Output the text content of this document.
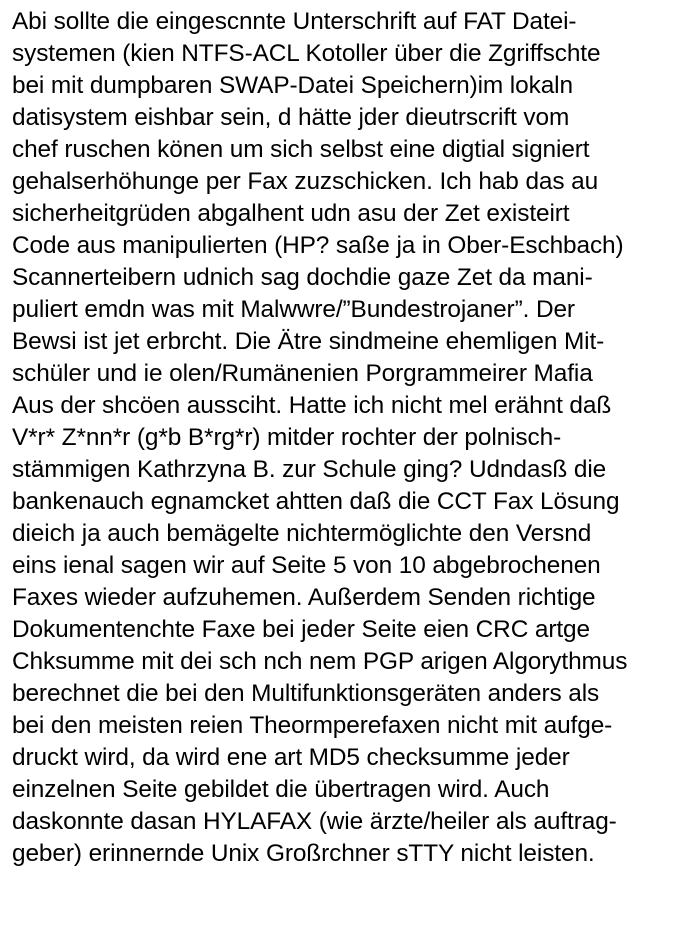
Abi sollte die eingescnnte Unterschrift auf FAT Datei-
systemen (kien NTFS-ACL Kotoller über die Zgriffschte
bei mit dumpbaren SWAP-Datei Speichern)im lokaln
datisystem eishbar sein, d hätte jder dieutrscrift vom
chef ruschen könen um sich selbst eine digtial signiert
gehalserhöhunge per Fax zuzschicken. Ich hab das au
sicherheitgrüden abgalhent udn asu der Zet existeirt
Code aus manipulierten (HP? saße ja in Ober-Eschbach)
Scannerteibern udnich sag dochdie gaze Zet da mani-
puliert emdn was mit Malwwre/”Bundestrojaner”. Der
Bewsi ist jet erbrcht. Die Ätre sindmeine ehemligen Mit-
schüler und ie olen/Rumänenien Porgrammeirer Mafia
Aus der shcöen aussciht. Hatte ich nicht mel erähnt daß
V*r* Z*nn*r (g*b B*rg*r) mitder rochter der polnisch-
stämmigen Kathrzyna B. zur Schule ging? Udndasß die
bankenauch egnamcket ahtten daß die CCT Fax Lösung
dieich ja auch bemägelte nichtermöglichte den Versnd
eins ienal sagen wir auf Seite 5 von 10 abgebrochenen
Faxes wieder aufzuhemen. Außerdem Senden richtige
Dokumentenchte Faxe bei jeder Seite eien CRC artge
Chksumme mit dei sch nch nem PGP arigen Algorythmus
berechnet die bei den Multifunktionsgeräten anders als
bei den meisten reien Theormperefaxen nicht mit aufge-
druckt wird, da wird ene art MD5 checksumme jeder
einzelnen Seite gebildet die übertragen wird. Auch
daskonnte dasan HYLAFAX (wie ärzte/heiler als auftrag-
geber) erinnernde Unix Großrchner sTTY nicht leisten.
